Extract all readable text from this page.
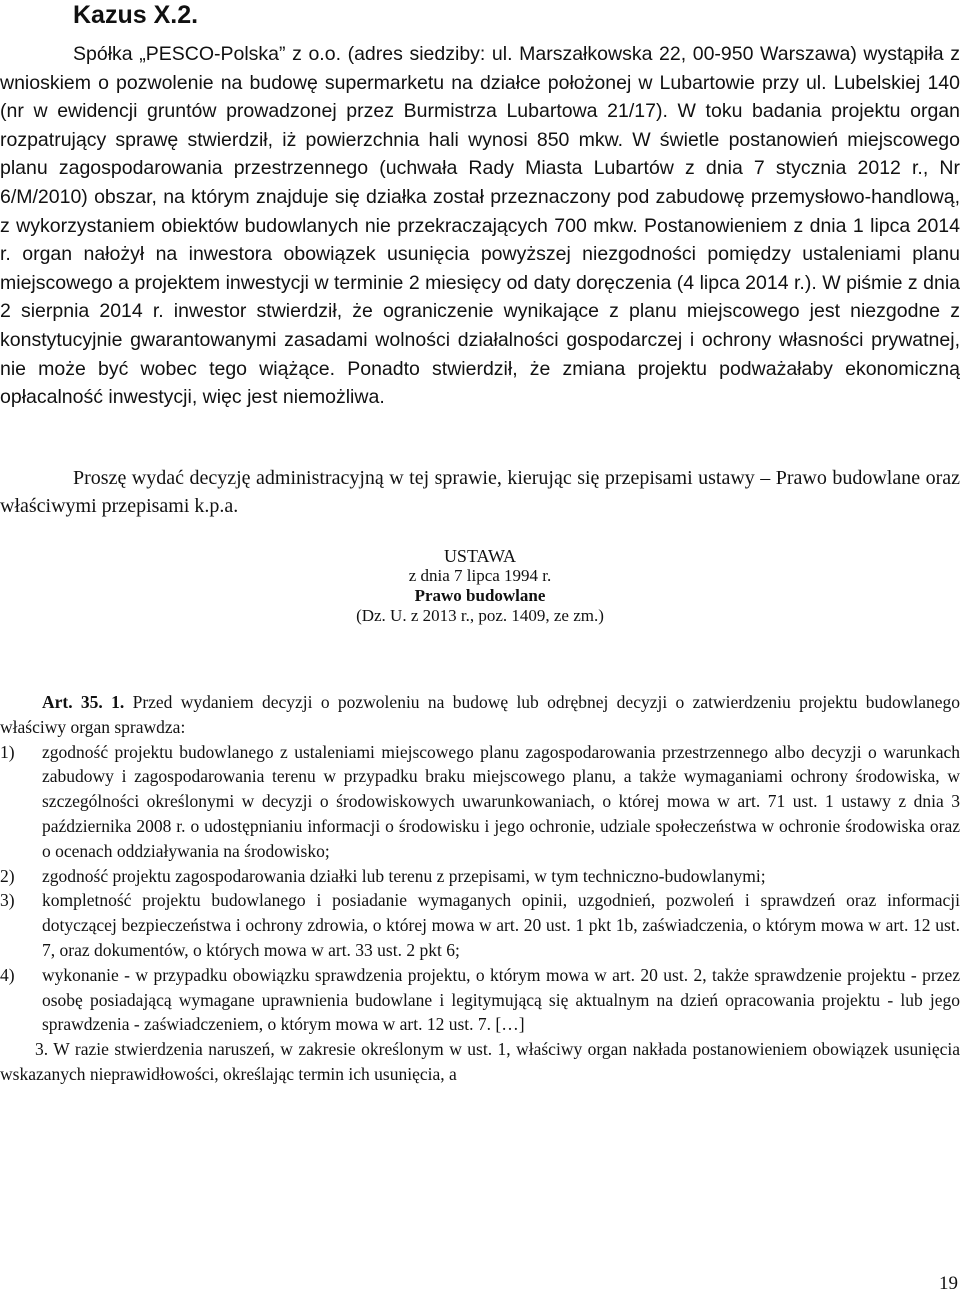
Kazus X.2.

Spółka „PESCO-Polska” z o.o. (adres siedziby: ul. Marszałkowska 22, 00-950 Warszawa) wystąpiła z wnioskiem o pozwolenie na budowę supermarketu na działce położonej w Lubartowie przy ul. Lubelskiej 140 (nr w ewidencji gruntów prowadzonej przez Burmistrza Lubartowa 21/17). W toku badania projektu organ rozpatrujący sprawę stwierdził, iż powierzchnia hali wynosi 850 mkw. W świetle postanowień miejscowego planu zagospodarowania przestrzennego (uchwała Rady Miasta Lubartów z dnia 7 stycznia 2012 r., Nr 6/M/2010) obszar, na którym znajduje się działka został przeznaczony pod zabudowę przemysłowo-handlową, z wykorzystaniem obiektów budowlanych nie przekraczających 700 mkw. Postanowieniem z dnia 1 lipca 2014 r. organ nałożył na inwestora obowiązek usunięcia powyższej niezgodności pomiędzy ustaleniami planu miejscowego a projektem inwestycji w terminie 2 miesięcy od daty doręczenia (4 lipca 2014 r.). W piśmie z dnia 2 sierpnia 2014 r. inwestor stwierdził, że ograniczenie wynikające z planu miejscowego jest niezgodne z konstytucyjnie gwarantowanymi zasadami wolności działalności gospodarczej i ochrony własności prywatnej, nie może być wobec tego wiążące. Ponadto stwierdził, że zmiana projektu podważałaby ekonomiczną opłacalność inwestycji, więc jest niemożliwa.

Proszę wydać decyzję administracyjną w tej sprawie, kierując się przepisami ustawy – Prawo budowlane oraz właściwymi przepisami k.p.a.

USTAWA
z dnia 7 lipca 1994 r.
Prawo budowlane
(Dz. U. z 2013 r., poz. 1409, ze zm.)

Art. 35. 1. Przed wydaniem decyzji o pozwoleniu na budowę lub odrębnej decyzji o zatwierdzeniu projektu budowlanego właściwy organ sprawdza:

1) zgodność projektu budowlanego z ustaleniami miejscowego planu zagospodarowania przestrzennego albo decyzji o warunkach zabudowy i zagospodarowania terenu w przypadku braku miejscowego planu, a także wymaganiami ochrony środowiska, w szczególności określonymi w decyzji o środowiskowych uwarunkowaniach, o której mowa w art. 71 ust. 1 ustawy z dnia 3 października 2008 r. o udostępnianiu informacji o środowisku i jego ochronie, udziale społeczeństwa w ochronie środowiska oraz o ocenach oddziaływania na środowisko;
2) zgodność projektu zagospodarowania działki lub terenu z przepisami, w tym techniczno-budowlanymi;
3) kompletność projektu budowlanego i posiadanie wymaganych opinii, uzgodnień, pozwoleń i sprawdzeń oraz informacji dotyczącej bezpieczeństwa i ochrony zdrowia, o której mowa w art. 20 ust. 1 pkt 1b, zaświadczenia, o którym mowa w art. 12 ust. 7, oraz dokumentów, o których mowa w art. 33 ust. 2 pkt 6;
4) wykonanie - w przypadku obowiązku sprawdzenia projektu, o którym mowa w art. 20 ust. 2, także sprawdzenie projektu - przez osobę posiadającą wymagane uprawnienia budowlane i legitymującą się aktualnym na dzień opracowania projektu - lub jego sprawdzenia - zaświadczeniem, o którym mowa w art. 12 ust. 7. […]

3. W razie stwierdzenia naruszeń, w zakresie określonym w ust. 1, właściwy organ nakłada postanowieniem obowiązek usunięcia wskazanych nieprawidłowości, określając termin ich usunięcia, a

19
